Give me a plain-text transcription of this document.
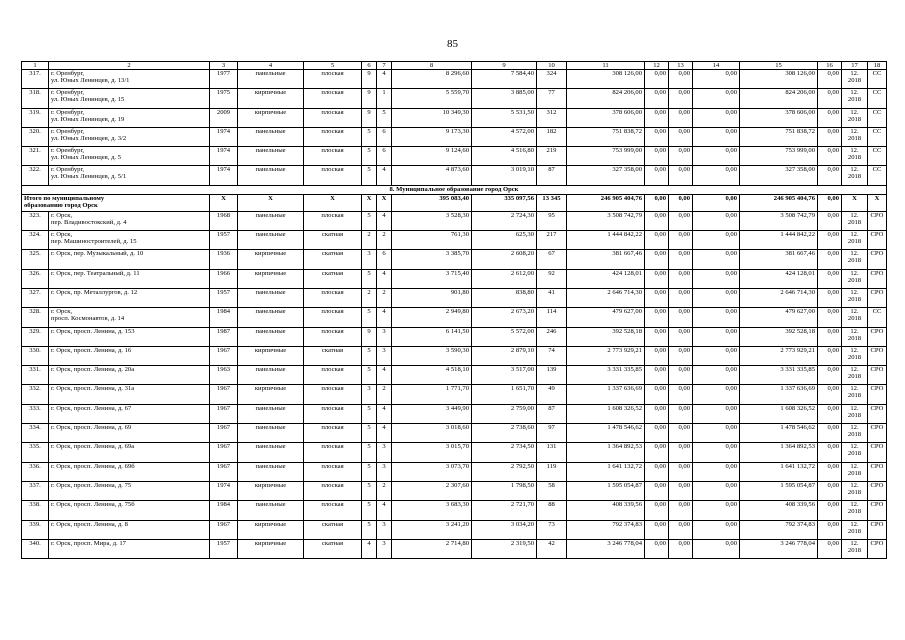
85
1	2	3	4	5	6	7	8	9	10	11	12	13	14	15	16	17	18
317.	г. Оренбург,
ул. Юных Ленинцев, д. 13/1	1977	панельные	плоская	9	4	8 296,60	7 584,40	324	308 126,00	0,00	0,00	0,00	308 126,00	0,00	12.
2018	СС
318.	г. Оренбург,
ул. Юных Ленинцев, д. 15	1975	кирпичные	плоская	9	1	5 559,70	3 885,00	77	824 206,00	0,00	0,00	0,00	824 206,00	0,00	12.
2018	СС
319.	г. Оренбург,
ул. Юных Ленинцев, д. 19	2009	кирпичные	плоская	9	5	10 349,30	5 531,50	312	378 606,00	0,00	0,00	0,00	378 606,00	0,00	12.
2018	СС
320.	г. Оренбург,
ул. Юных Ленинцев, д. 3/2	1974	панельные	плоская	5	6	9 173,30	4 572,00	182	751 838,72	0,00	0,00	0,00	751 838,72	0,00	12.
2018	СС
321.	г. Оренбург,
ул. Юных Ленинцев, д. 5	1974	панельные	плоская	5	6	9 124,60	4 516,80	219	753 999,00	0,00	0,00	0,00	753 999,00	0,00	12.
2018	СС
322.	г. Оренбург,
ул. Юных Ленинцев, д. 5/1	1974	панельные	плоская	5	4	4 873,60	3 019,10	87	327 358,00	0,00	0,00	0,00	327 358,00	0,00	12.
2018	СС
8. Муниципальное образование город Орск																	
Итого по муниципальному
образованию город Орск		Х	Х	Х	Х	Х	395 083,40	335 097,56	13 345	246 905 404,76	0,00	0,00	0,00	246 905 404,76	0,00	Х	Х
323.	г. Орск,
пер. Владивостокский, д. 4	1968	панельные	плоская	5	4	3 528,30	2 724,30	95	3 508 742,79	0,00	0,00	0,00	3 508 742,79	0,00	12.
2018	СРО
324.	г. Орск,
пер. Машиностроителей, д. 15	1957	панельные	скатная	2	2	761,30	625,30	217	1 444 842,22	0,00	0,00	0,00	1 444 842,22	0,00	12.
2018	СРО
325.	г. Орск, пер. Музыкальный, д. 10	1936	кирпичные	скатная	3	6	3 385,70	2 608,20	67	381 667,46	0,00	0,00	0,00	381 667,46	0,00	12.
2018	СРО
326.	г. Орск, пер. Театральный, д. 11	1966	кирпичные	скатная	5	4	3 715,40	2 612,00	92	424 128,01	0,00	0,00	0,00	424 128,01	0,00	12.
2018	СРО
327.	г. Орск, пр. Металлургов, д. 12	1957	панельные	плоская	2	2	901,80	838,80	41	2 646 714,30	0,00	0,00	0,00	2 646 714,30	0,00	12.
2018	СРО
328.	г. Орск,
просп. Космонавтов, д. 14	1984	панельные	плоская	5	4	2 949,80	2 673,20	114	479 627,00	0,00	0,00	0,00	479 627,00	0,00	12.
2018	СС
329.	г. Орск, просп. Ленина, д. 153	1987	панельные	плоская	9	3	6 141,50	5 572,00	246	392 528,18	0,00	0,00	0,00	392 528,18	0,00	12.
2018	СРО
330.	г. Орск, просп. Ленина, д. 16	1967	кирпичные	скатная	5	3	3 590,30	2 879,10	74	2 773 929,21	0,00	0,00	0,00	2 773 929,21	0,00	12.
2018	СРО
331.	г. Орск, просп. Ленина, д. 20а	1963	панельные	плоская	5	4	4 518,10	3 517,00	139	3 331 335,85	0,00	0,00	0,00	3 331 335,85	0,00	12.
2018	СРО
332.	г. Орск, просп. Ленина, д. 31а	1967	кирпичные	плоская	3	2	1 771,70	1 651,70	49	1 337 636,69	0,00	0,00	0,00	1 337 636,69	0,00	12.
2018	СРО
333.	г. Орск, просп. Ленина, д. 67	1967	панельные	плоская	5	4	3 449,90	2 759,00	87	1 608 326,52	0,00	0,00	0,00	1 608 326,52	0,00	12.
2018	СРО
334.	г. Орск, просп. Ленина, д. 69	1967	панельные	плоская	5	4	3 018,60	2 738,60	97	1 478 546,62	0,00	0,00	0,00	1 478 546,62	0,00	12.
2018	СРО
335.	г. Орск, просп. Ленина, д. 69а	1967	панельные	плоская	5	3	3 015,70	2 734,50	131	1 364 892,53	0,00	0,00	0,00	1 364 892,53	0,00	12.
2018	СРО
336.	г. Орск, просп. Ленина, д. 69б	1967	панельные	плоская	5	3	3 073,70	2 792,50	119	1 641 132,72	0,00	0,00	0,00	1 641 132,72	0,00	12.
2018	СРО
337.	г. Орск, просп. Ленина, д. 75	1974	кирпичные	плоская	5	2	2 307,60	1 798,50	58	1 595 054,87	0,00	0,00	0,00	1 595 054,87	0,00	12.
2018	СРО
338.	г. Орск, просп. Ленина, д. 75б	1984	панельные	плоская	5	4	3 683,30	2 721,70	88	408 339,56	0,00	0,00	0,00	408 339,56	0,00	12.
2018	СРО
339.	г. Орск, просп. Ленина, д. 8	1967	кирпичные	скатная	5	3	3 241,20	3 034,20	73	792 374,83	0,00	0,00	0,00	792 374,83	0,00	12.
2018	СРО
340.	г. Орск, просп. Мира, д. 17	1957	кирпичные	скатная	4	3	2 714,80	2 319,50	42	3 246 778,04	0,00	0,00	0,00	3 246 778,04	0,00	12.
2018	СРО
